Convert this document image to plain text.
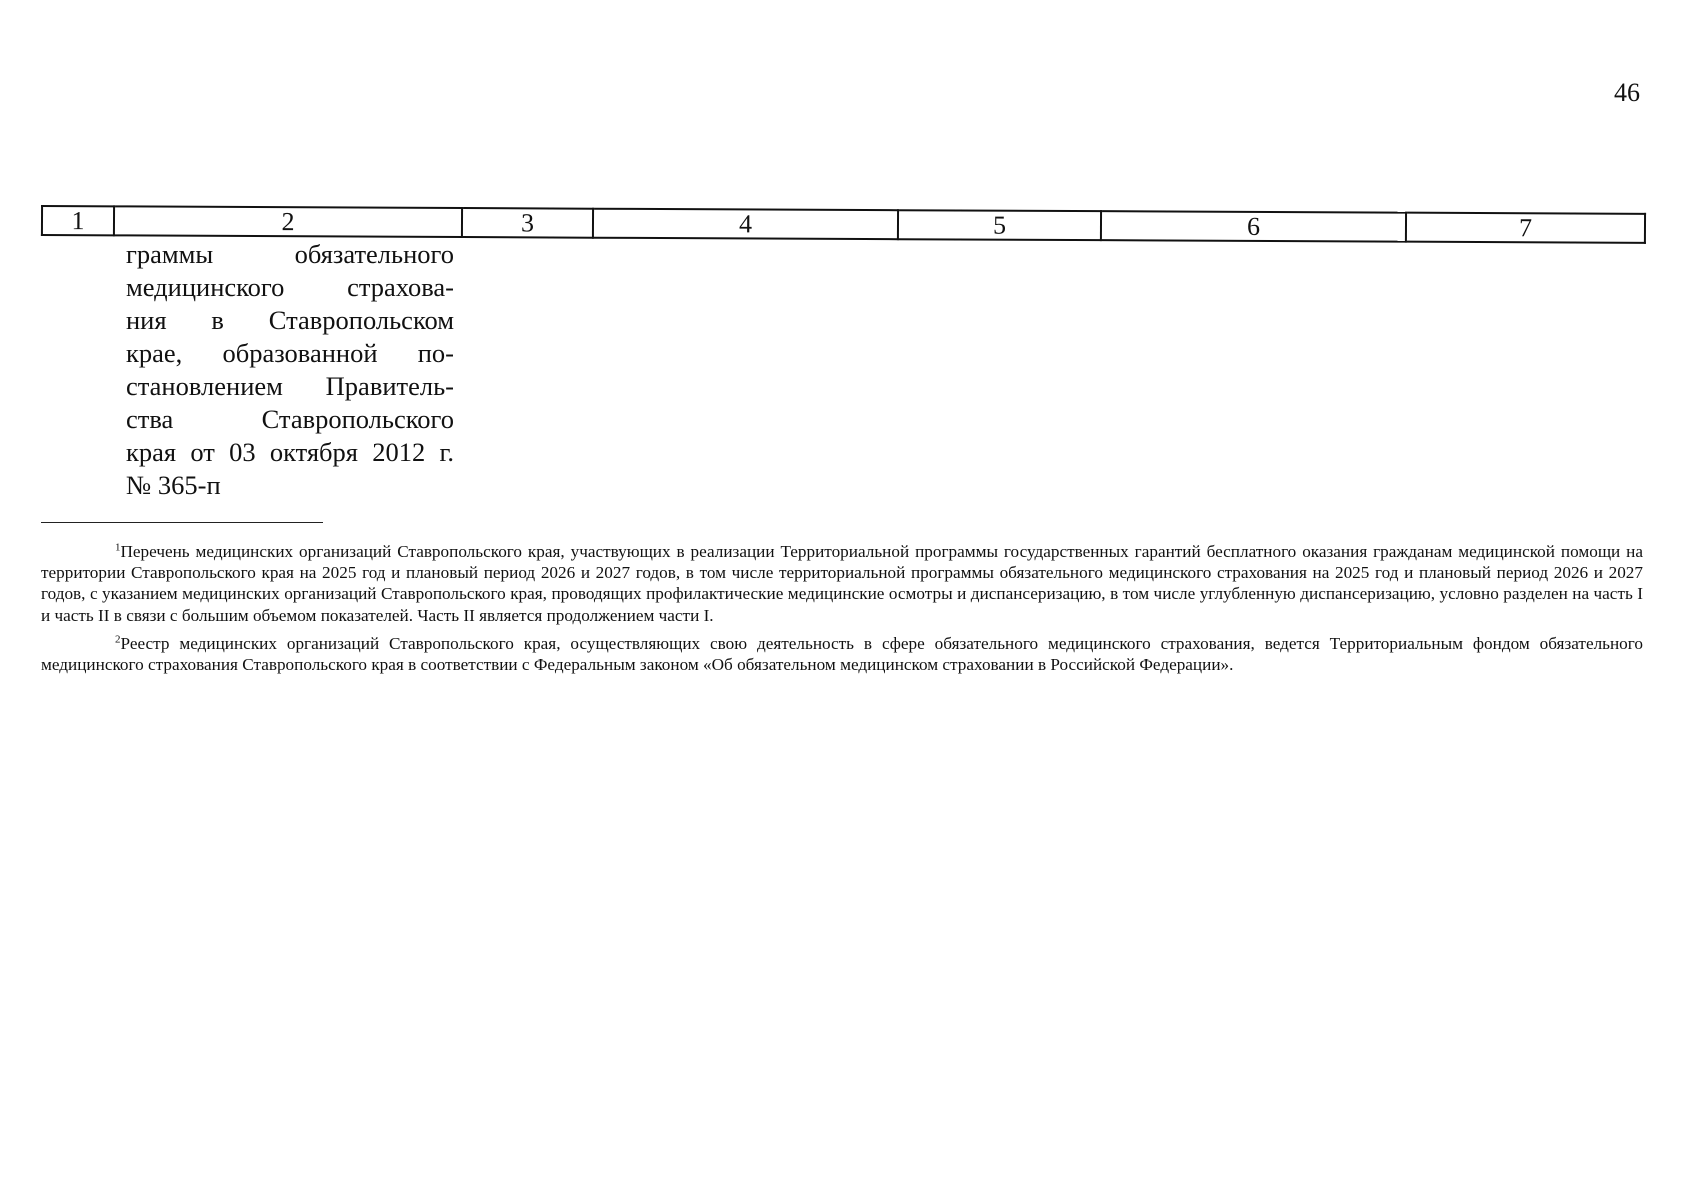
46
1	2	3	4	5	6	7
граммы обязательного
медицинского страхова-
ния в Ставропольском
крае, образованной по-
становлением Правитель-
ства Ставропольского
края от 03 октября 2012 г.
№ 365-п

$^1$Перечень медицинских организаций Ставропольского края, участвующих в реализации Территориальной программы государственных гарантий бесплатного оказания гражданам медицинской помощи на территории Ставропольского края на 2025 год и плановый период 2026 и 2027 годов, в том числе территориальной программы обязательного медицинского страхования на 2025 год и плановый период 2026 и 2027 годов, с указанием медицинских организаций Ставропольского края, проводящих профилактические медицинские осмотры и диспансеризацию, в том числе углубленную диспансеризацию, условно разделен на часть I и часть II в связи с большим объемом показателей. Часть II является продолжением части I.

$^2$Реестр медицинских организаций Ставропольского края, осуществляющих свою деятельность в сфере обязательного медицинского страхования, ведется Территориальным фондом обязательного медицинского страхования Ставропольского края в соответствии с Федеральным законом «Об обязательном медицинском страховании в Российской Федерации».
